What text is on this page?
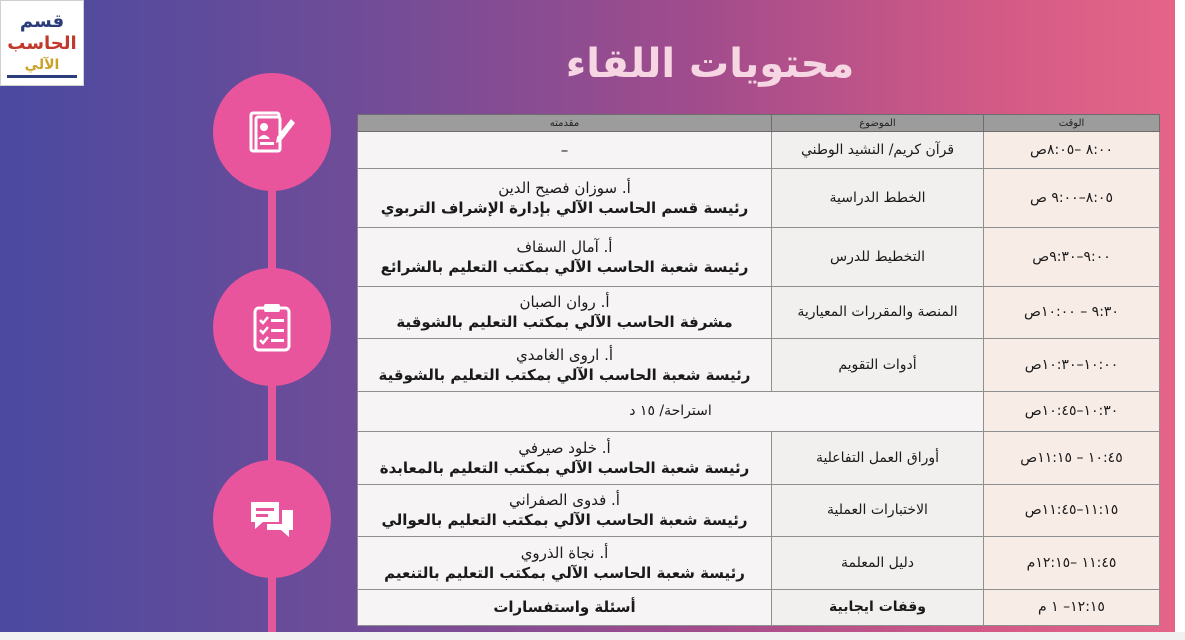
قسم
الحاسب
الآلي	محتويات اللقاء
الوقت	الموضوع	مقدمته
٨:٠٠ –٨:٠٥ص	قرآن كريم/ النشيد الوطني	–

٨:٠٥–٩:٠٠ ص	الخطط الدراسية	أ. سوزان فصيح الدين
رئيسة قسم الحاسب الآلي بإدارة الإشراف التربوي

٩:٠٠–٩:٣٠ص	التخطيط للدرس	أ. آمال السقاف
رئيسة شعبة الحاسب الآلي بمكتب التعليم بالشرائع

٩:٣٠ – ١٠:٠٠ص	المنصة والمقررات المعيارية	أ. روان الصبان
مشرفة الحاسب الآلي بمكتب التعليم بالشوقية

١٠:٠٠–١٠:٣٠ص	أدوات التقويم	أ. اروى الغامدي
رئيسة شعبة الحاسب الآلي بمكتب التعليم بالشوقية

١٠:٣٠–١٠:٤٥ص	استراحة/ ١٥ د	
١٠:٤٥ – ١١:١٥ص	أوراق العمل التفاعلية	أ. خلود صيرفي
رئيسة شعبة الحاسب الآلي بمكتب التعليم بالمعابدة

١١:١٥–١١:٤٥ص	الاختبارات العملية	أ. فدوى الصفراني
رئيسة شعبة الحاسب الآلي بمكتب التعليم بالعوالي

١١:٤٥ –١٢:١٥م	دليل المعلمة	أ. نجاة الذروي
رئيسة شعبة الحاسب الآلي بمكتب التعليم بالتنعيم

١٢:١٥– ١ م	وقفات ايجابية	أسئلة واستفسارات
